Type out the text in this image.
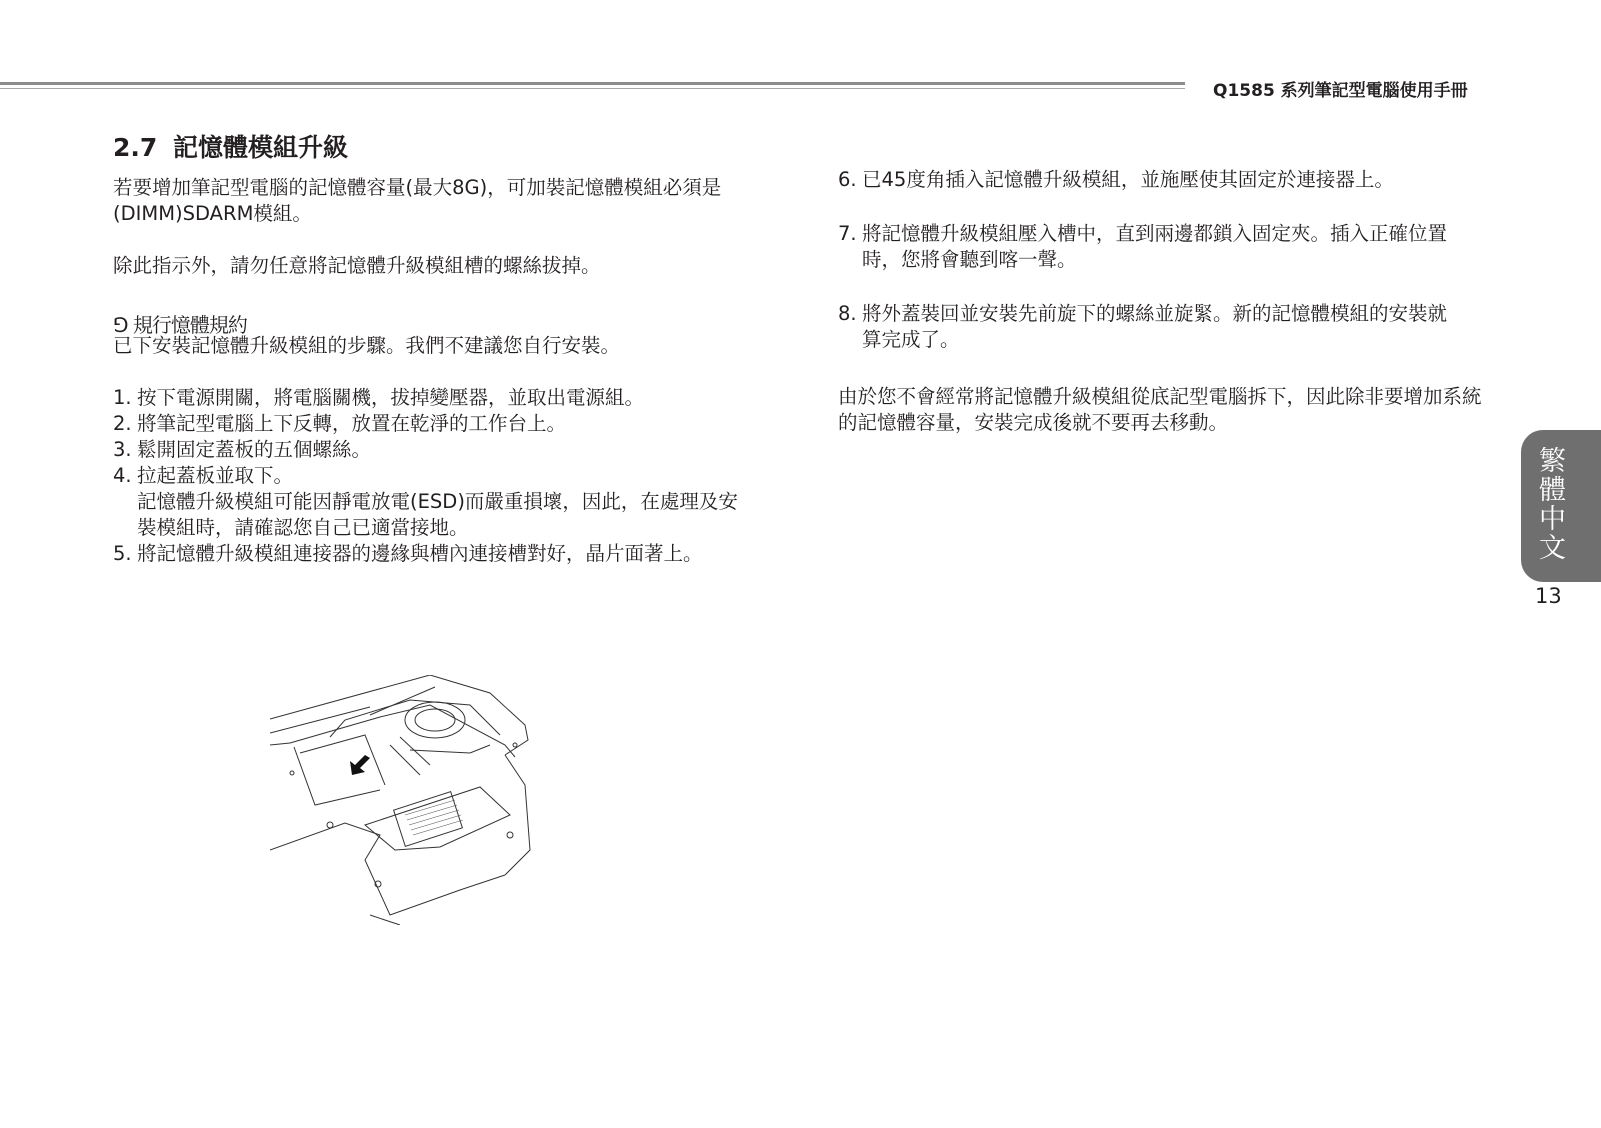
Q1585 系列筆記型電腦使用手冊
2.7 記憶體模組升級

若要增加筆記型電腦的記憶體容量(最大8G)，可加裝記憶體模組必須是(DIMM)SDARM模組。

除此指示外，請勿任意將記憶體升級模組槽的螺絲拔掉。

⅁ 規行憶體規約

已下安裝記憶體升級模組的步驟。我們不建議您自行安裝。

1. 按下電源開關，將電腦關機，拔掉變壓器，並取出電源組。
2. 將筆記型電腦上下反轉，放置在乾淨的工作台上。
3. 鬆開固定蓋板的五個螺絲。
4. 拉起蓋板並取下。
記憶體升級模組可能因靜電放電(ESD)而嚴重損壞，因此，在處理及安裝模組時，請確認您自己已適當接地。
5. 將記憶體升級模組連接器的邊緣與槽內連接槽對好，晶片面著上。
6. 已45度角插入記憶體升級模組，並施壓使其固定於連接器上。
7. 將記憶體升級模組壓入槽中，直到兩邊都鎖入固定夾。插入正確位置時，您將會聽到喀一聲。
8. 將外蓋裝回並安裝先前旋下的螺絲並旋緊。新的記憶體模組的安裝就算完成了。

由於您不會經常將記憶體升級模組從底記型電腦拆下，因此除非要增加系統的記憶體容量，安裝完成後就不要再去移動。

繁體中文
13
